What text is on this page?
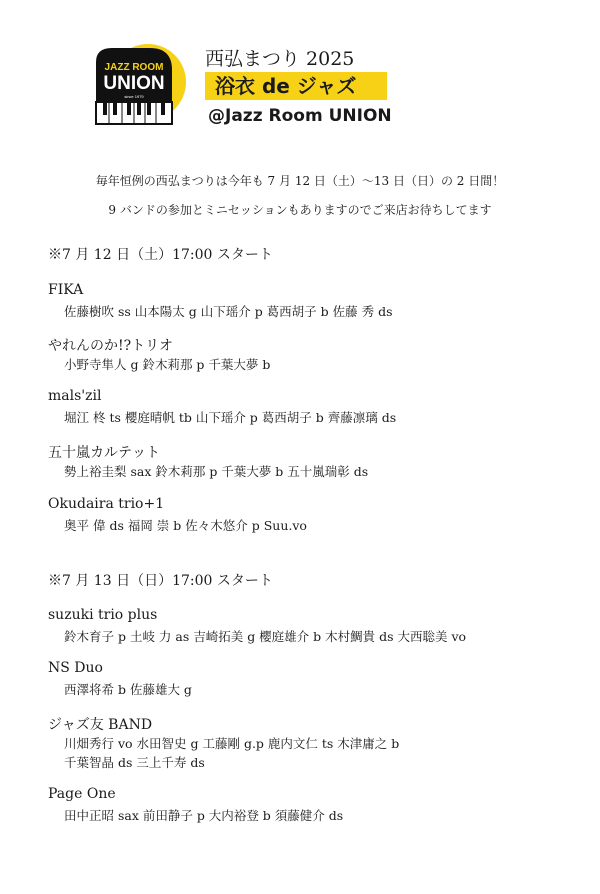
JAZZ ROOM
UNION
since 1979
西弘まつり 2025
浴衣 de ジャズ
@Jazz Room UNION
毎年恒例の西弘まつりは今年も 7 月 12 日（土）～13 日（日）の 2 日間！
9 バンドの参加とミニセッションもありますのでご来店お待ちしてます
※7 月 12 日（土）17:00 スタート
FIKA
佐藤樹吹 ss 山本陽太 g 山下瑶介 p 葛西胡子 b 佐藤 秀 ds
やれんのか!?トリオ
小野寺隼人 g 鈴木莉那 p 千葉大夢 b
mals'zil
堀江 柊 ts 櫻庭晴帆 tb 山下瑶介 p 葛西胡子 b 齊藤凛璃 ds
五十嵐カルテット
勢上裕圭梨 sax 鈴木莉那 p 千葉大夢 b 五十嵐瑞彰 ds
Okudaira trio+1
奥平 偉 ds 福岡 崇 b 佐々木悠介 p Suu.vo
※7 月 13 日（日）17:00 スタート
suzuki trio plus
鈴木育子 p 土岐 力 as 吉崎拓美 g 櫻庭雄介 b 木村鯛貴 ds 大西聡美 vo
NS Duo
西澤将希 b 佐藤雄大 g
ジャズ友 BAND
川畑秀行 vo 水田智史 g 工藤剛 g.p 鹿内文仁 ts 木津庸之 b
千葉智晶 ds 三上千寿 ds
Page One
田中正昭 sax 前田静子 p 大内裕登 b 須藤健介 ds
